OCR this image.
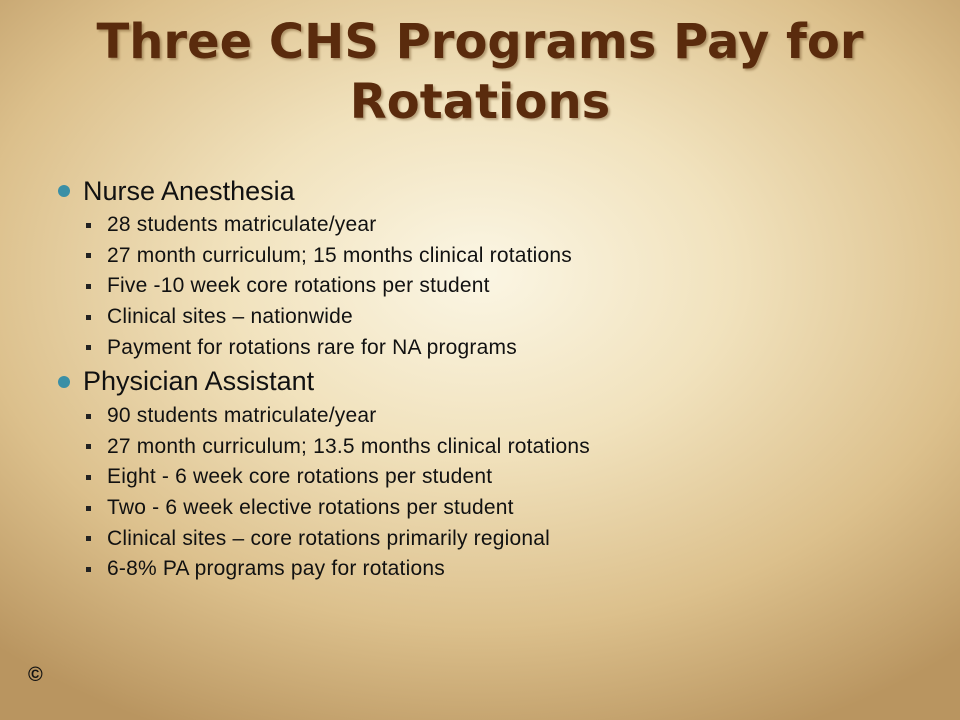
Three CHS Programs Pay for
Rotations
Nurse Anesthesia
28 students matriculate/year
27 month curriculum; 15 months clinical rotations
Five -10 week core rotations per student
Clinical sites – nationwide
Payment for rotations rare for NA programs
Physician Assistant
90 students matriculate/year
27 month curriculum; 13.5 months clinical rotations
Eight - 6 week core rotations per student
Two - 6 week elective rotations per student
Clinical sites – core rotations primarily regional
6-8% PA programs pay for rotations
©
